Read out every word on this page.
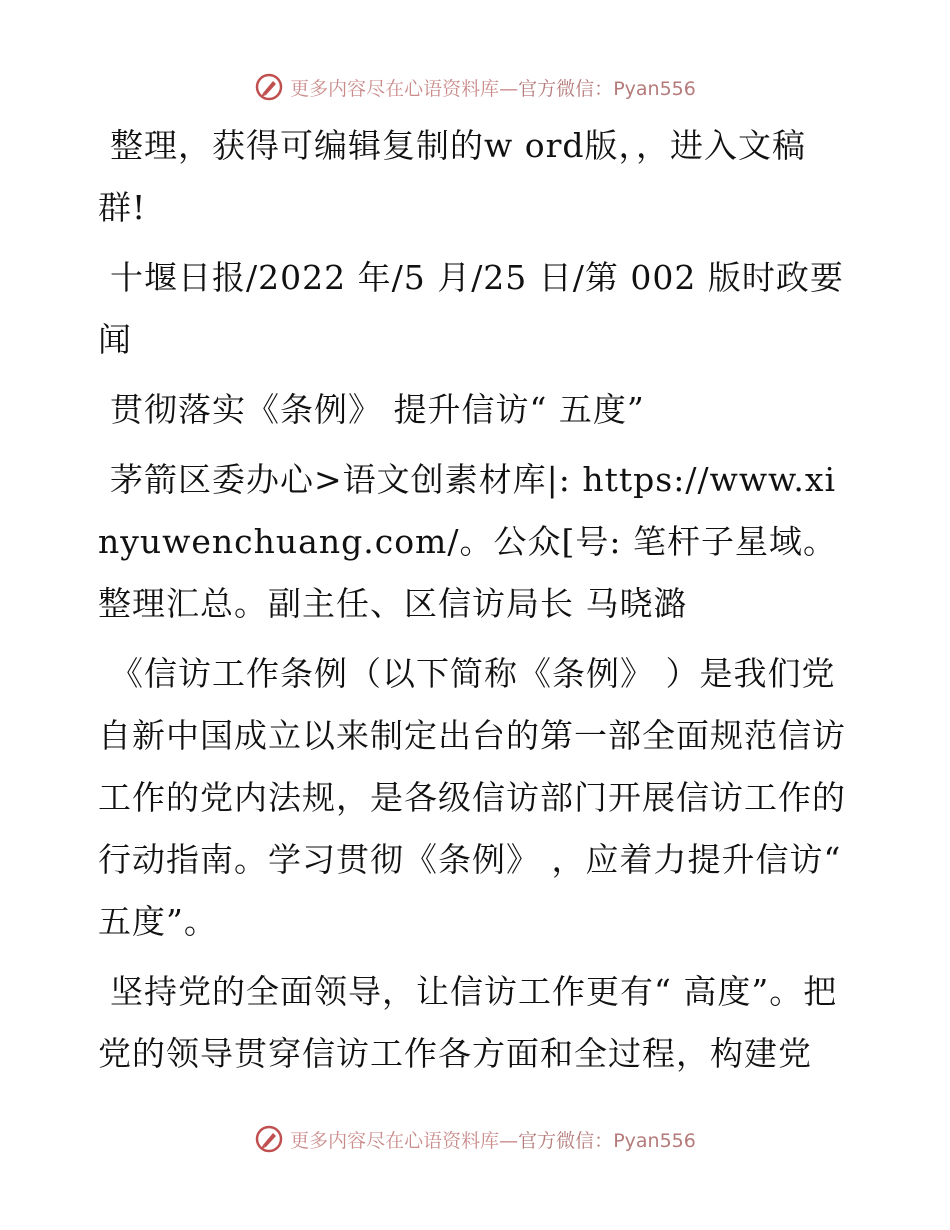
更多内容尽在心语资料库—官方微信：Pyan556

整理，获得可编辑复制的w ord版，，进入文稿群!

十堰日报/2022 年/5 月/25 日/第 002 版时政要闻

贯彻落实《条例》 提升信访“ 五度”

茅箭区委办心>语文创素材库|: https://www.xinyuwenchuang.com/。公众[号: 笔杆子星域。整理汇总。副主任、区信访局长 马晓潞

《信访工作条例（以下简称《条例》 ）是我们党自新中国成立以来制定出台的第一部全面规范信访工作的党内法规，是各级信访部门开展信访工作的行动指南。学习贯彻《条例》 ，应着力提升信访“ 五度”。

坚持党的全面领导，让信访工作更有“ 高度”。把党的领导贯穿信访工作各方面和全过程，构建党

更多内容尽在心语资料库—官方微信：Pyan556
